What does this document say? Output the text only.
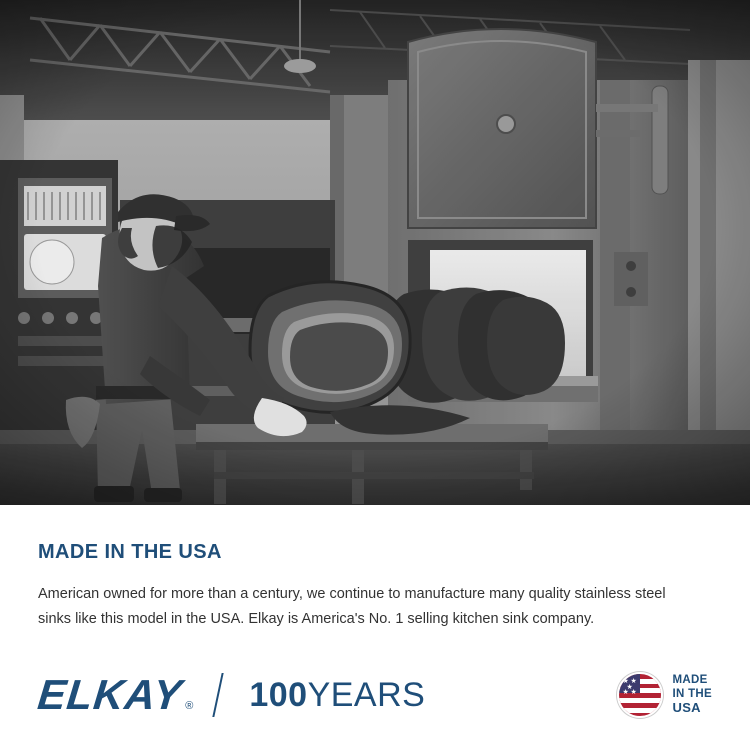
MADE IN THE USA

American owned for more than a century, we continue to manufacture many quality stainless steel sinks like this model in the USA. Elkay is America's No. 1 selling kitchen sink company.

ELKAY ® 100YEARS	★ ★
★
★ ★
MADE
IN THE
USA
